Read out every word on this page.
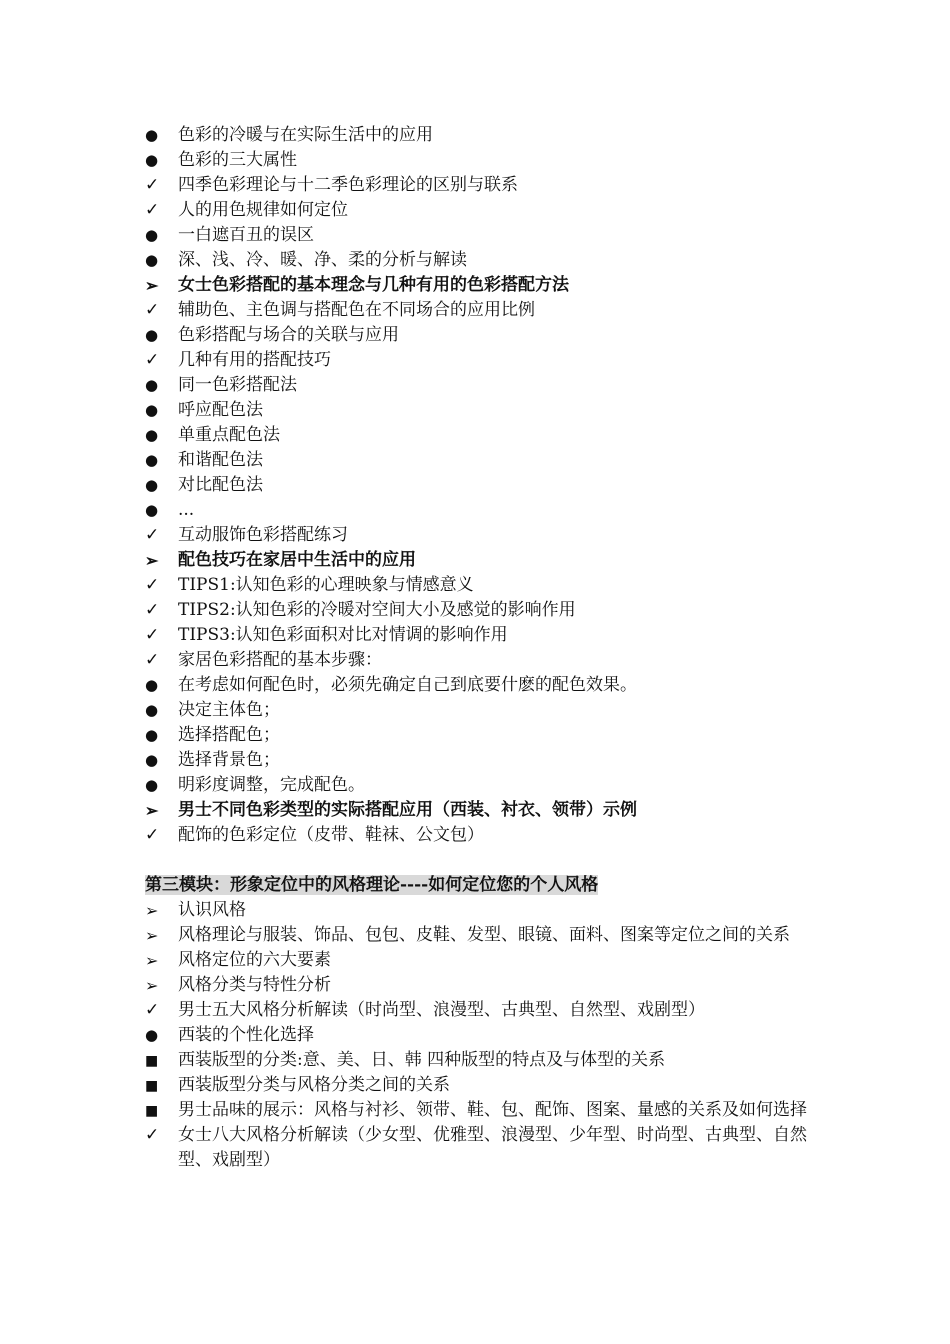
●
色彩的冷暖与在实际生活中的应用
●
色彩的三大属性
✓
四季色彩理论与十二季色彩理论的区别与联系
✓
人的用色规律如何定位
●
一白遮百丑的误区
●
深、浅、冷、暖、净、柔的分析与解读
➢
女士色彩搭配的基本理念与几种有用的色彩搭配方法
✓
辅助色、主色调与搭配色在不同场合的应用比例
●
色彩搭配与场合的关联与应用
✓
几种有用的搭配技巧
●
同一色彩搭配法
●
呼应配色法
●
单重点配色法
●
和谐配色法
●
对比配色法
●
...
✓
互动服饰色彩搭配练习
➢
配色技巧在家居中生活中的应用
✓
TIPS1:认知色彩的心理映象与情感意义
✓
TIPS2:认知色彩的冷暖对空间大小及感觉的影响作用
✓
TIPS3:认知色彩面积对比对情调的影响作用
✓
家居色彩搭配的基本步骤：
●
在考虑如何配色时，必须先确定自己到底要什麽的配色效果。
●
决定主体色；
●
选择搭配色；
●
选择背景色；
●
明彩度调整，完成配色。
➢
男士不同色彩类型的实际搭配应用（西装、衬衣、领带）示例
✓
配饰的色彩定位（皮带、鞋袜、公文包）
第三模块：形象定位中的风格理论----如何定位您的个人风格
➢
认识风格
➢
风格理论与服装、饰品、包包、皮鞋、发型、眼镜、面料、图案等定位之间的关系
➢
风格定位的六大要素
➢
风格分类与特性分析
✓
男士五大风格分析解读（时尚型、浪漫型、古典型、自然型、戏剧型）
●
西装的个性化选择
■
西装版型的分类:意、美、日、韩 四种版型的特点及与体型的关系
■
西装版型分类与风格分类之间的关系
■
男士品味的展示：风格与衬衫、领带、鞋、包、配饰、图案、量感的关系及如何选择
✓
女士八大风格分析解读（少女型、优雅型、浪漫型、少年型、时尚型、古典型、自然型、戏剧型）
